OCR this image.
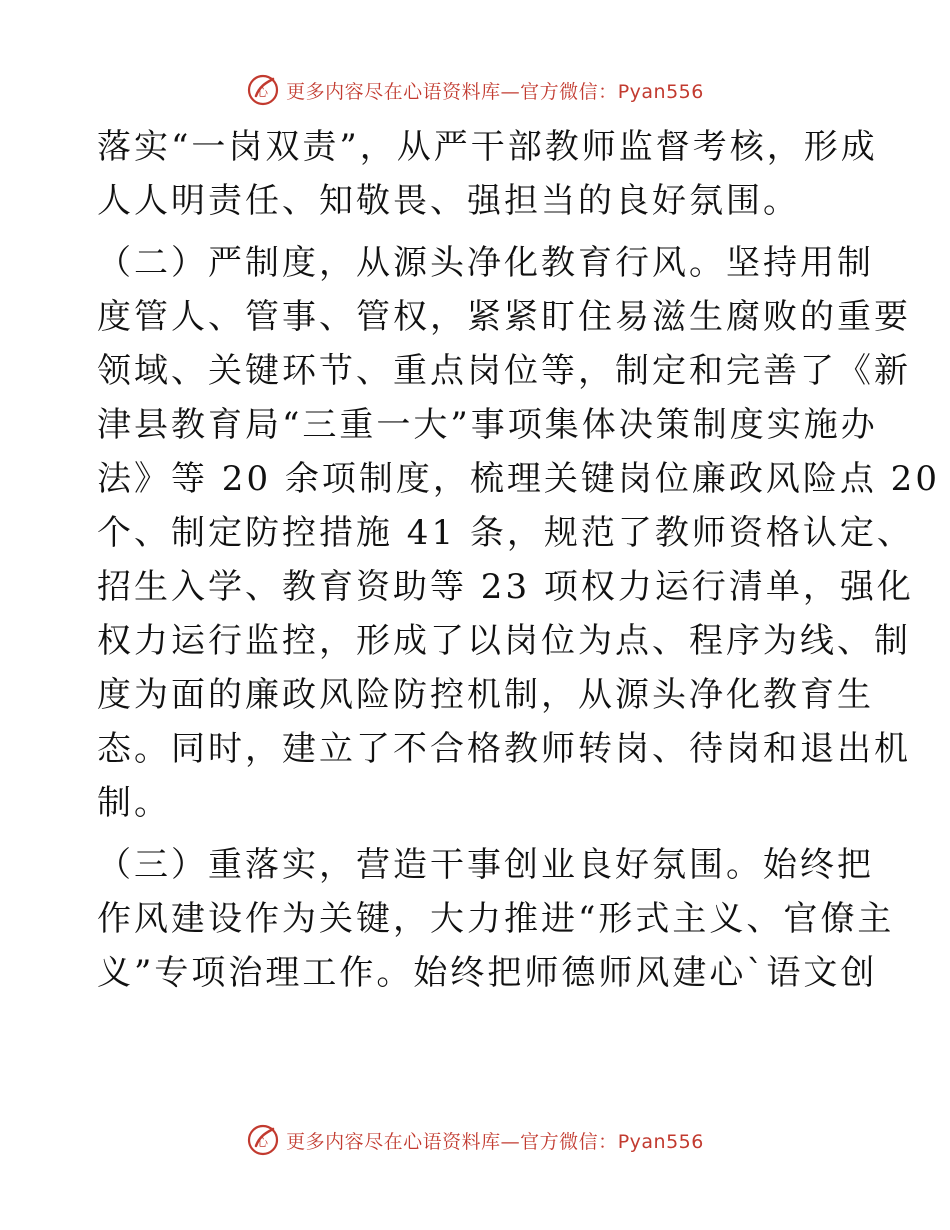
心 更多内容尽在心语资料库—官方微信：Pyan556
落实“一岗双责”，从严干部教师监督考核，形成
人人明责任、知敬畏、强担当的良好氛围。
（二）严制度，从源头净化教育行风。坚持用制
度管人、管事、管权，紧紧盯住易滋生腐败的重要
领域、关键环节、重点岗位等，制定和完善了《新
津县教育局“三重一大”事项集体决策制度实施办
法》等 20 余项制度，梳理关键岗位廉政风险点 20
个、制定防控措施 41 条，规范了教师资格认定、
招生入学、教育资助等 23 项权力运行清单，强化
权力运行监控，形成了以岗位为点、程序为线、制
度为面的廉政风险防控机制，从源头净化教育生
态。同时，建立了不合格教师转岗、待岗和退出机
制。
（三）重落实，营造干事创业良好氛围。始终把
作风建设作为关键，大力推进“形式主义、官僚主
义”专项治理工作。始终把师德师风建心`语文创
心 更多内容尽在心语资料库—官方微信：Pyan556
